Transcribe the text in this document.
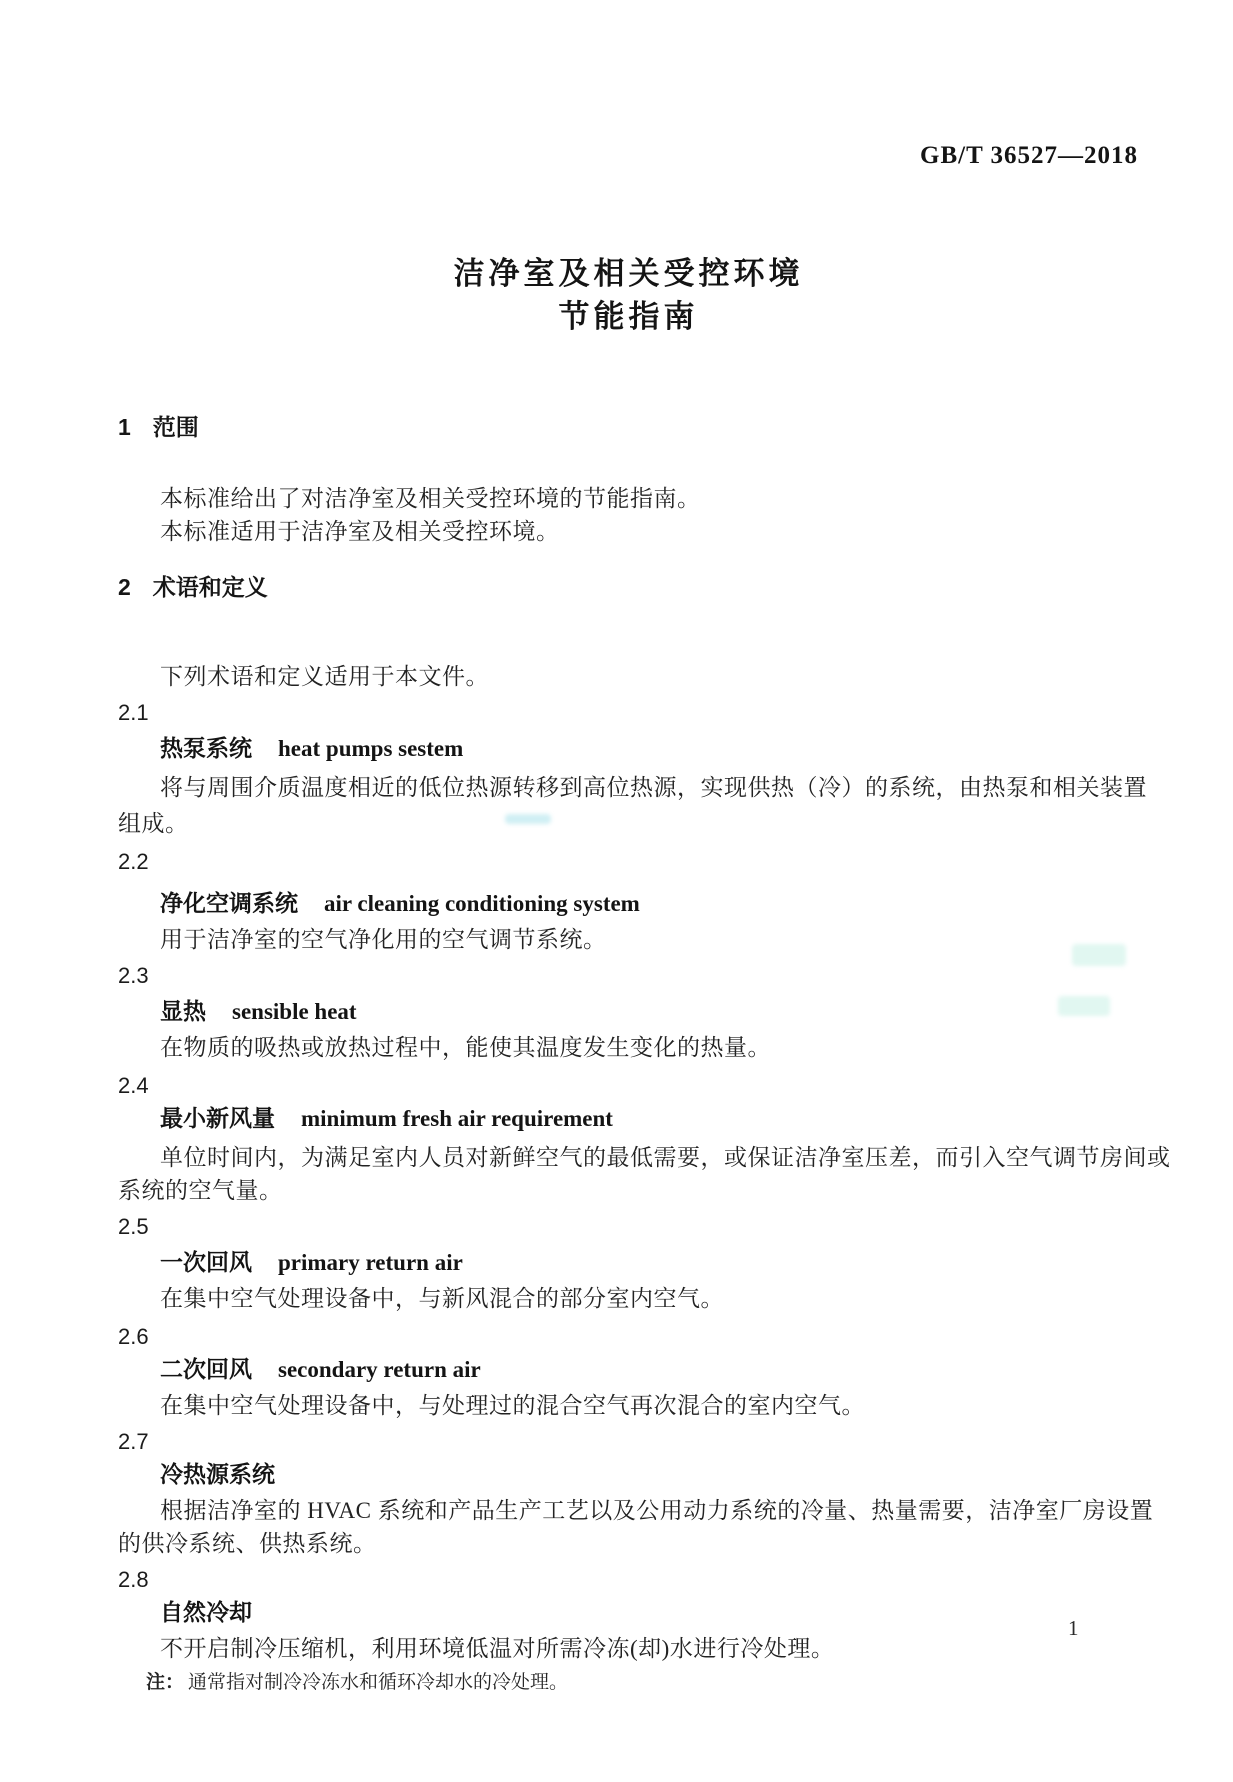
GB/T 36527—2018
洁净室及相关受控环境
节能指南
1 范围
本标准给出了对洁净室及相关受控环境的节能指南。
本标准适用于洁净室及相关受控环境。
2 术语和定义
下列术语和定义适用于本文件。
2.1
热泵系统 heat pumps sestem
将与周围介质温度相近的低位热源转移到高位热源，实现供热（冷）的系统，由热泵和相关装置
组成。
2.2
净化空调系统 air cleaning conditioning system
用于洁净室的空气净化用的空气调节系统。
2.3
显热 sensible heat
在物质的吸热或放热过程中，能使其温度发生变化的热量。
2.4
最小新风量 minimum fresh air requirement
单位时间内，为满足室内人员对新鲜空气的最低需要，或保证洁净室压差，而引入空气调节房间或
系统的空气量。
2.5
一次回风 primary return air
在集中空气处理设备中，与新风混合的部分室内空气。
2.6
二次回风 secondary return air
在集中空气处理设备中，与处理过的混合空气再次混合的室内空气。
2.7
冷热源系统
根据洁净室的 HVAC 系统和产品生产工艺以及公用动力系统的冷量、热量需要，洁净室厂房设置
的供冷系统、供热系统。
2.8
自然冷却
不开启制冷压缩机，利用环境低温对所需冷冻(却)水进行冷处理。
注： 通常指对制冷冷冻水和循环冷却水的冷处理。
1
